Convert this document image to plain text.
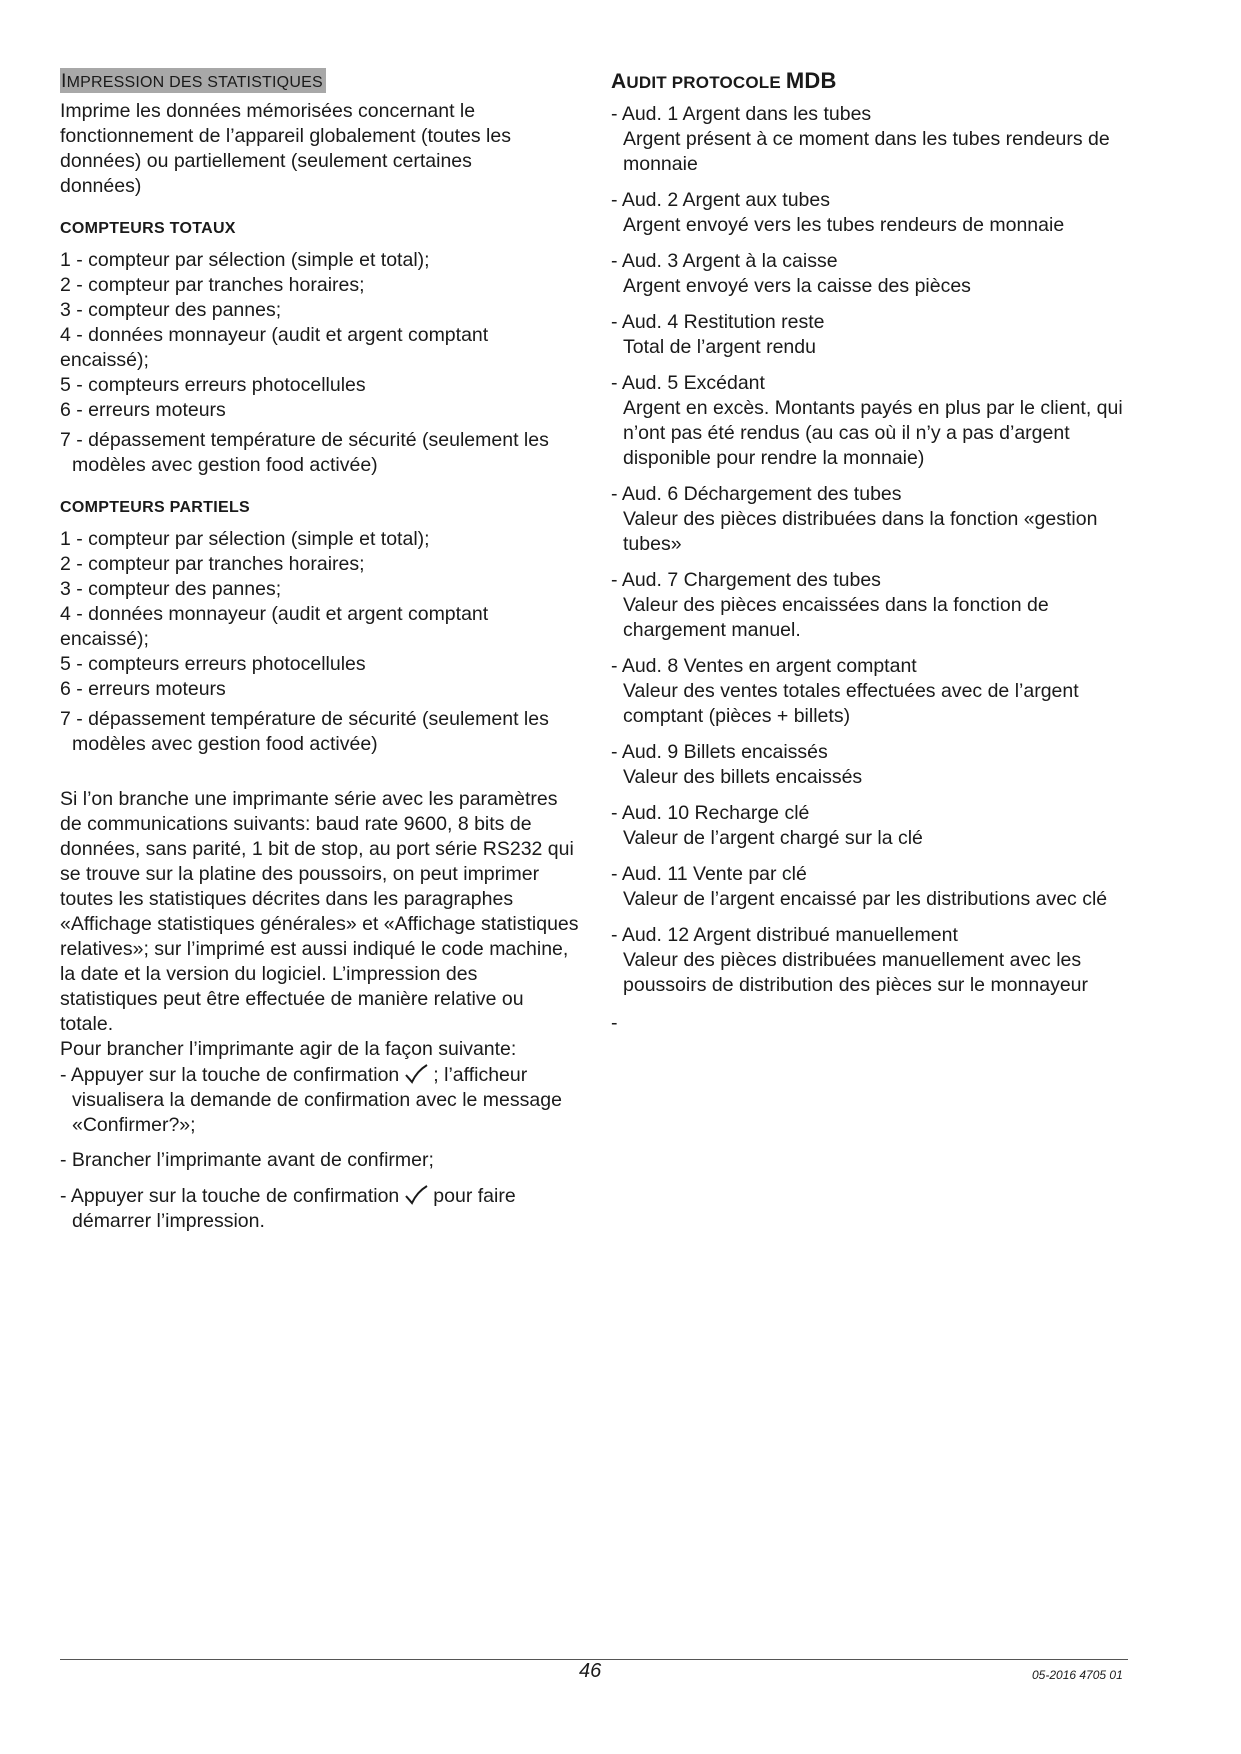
IMPRESSION DES STATISTIQUES

Imprime les données mémorisées concernant le fonctionnement de l’appareil globalement (toutes les données) ou partiellement (seulement certaines données)

COMPTEURS TOTAUX
1 - compteur par sélection (simple et total);
2 - compteur par tranches horaires;
3 - compteur des pannes;
4 - données monnayeur (audit et argent comptant encaissé);
5 - compteurs erreurs photocellules
6 - erreurs moteurs
7 - dépassement température de sécurité (seulement les modèles avec gestion food activée)
COMPTEURS PARTIELS
1 - compteur par sélection (simple et total);
2 - compteur par tranches horaires;
3 - compteur des pannes;
4 - données monnayeur (audit et argent comptant encaissé);
5 - compteurs erreurs photocellules
6 - erreurs moteurs
7 - dépassement température de sécurité (seulement les modèles avec gestion food activée)

Si l’on branche une imprimante série avec les paramètres de communications suivants: baud rate 9600, 8 bits de données, sans parité, 1 bit de stop, au port série RS232 qui se trouve sur la platine des poussoirs, on peut imprimer toutes les statistiques décrites dans les paragraphes «Affichage statistiques générales» et «Affichage statistiques relatives»; sur l’imprimé est aussi indiqué le code machine, la date et la version du logiciel. L’impression des statistiques peut être effectuée de manière relative ou totale.

Pour brancher l’imprimante agir de la façon suivante:

- Appuyer sur la touche de confirmation ; l’afficheur visualisera la demande de confirmation avec le message «Confirmer?»;
- Brancher l’imprimante avant de confirmer;
- Appuyer sur la touche de confirmation pour faire démarrer l’impression.
AUDIT PROTOCOLE MDB
- Aud. 1 Argent dans les tubes
Argent présent à ce moment dans les tubes rendeurs de monnaie
- Aud. 2 Argent aux tubes
Argent envoyé vers les tubes rendeurs de monnaie
- Aud. 3 Argent à la caisse
Argent envoyé vers la caisse des pièces
- Aud. 4 Restitution reste
Total de l’argent rendu
- Aud. 5 Excédant
Argent en excès. Montants payés en plus par le client, qui n’ont pas été rendus (au cas où il n’y a pas d’argent disponible pour rendre la monnaie)
- Aud. 6 Déchargement des tubes
Valeur des pièces distribuées dans la fonction «gestion tubes»
- Aud. 7 Chargement des tubes
Valeur des pièces encaissées dans la fonction de chargement manuel.
- Aud. 8 Ventes en argent comptant
Valeur des ventes totales effectuées avec de l’argent comptant (pièces + billets)
- Aud. 9 Billets encaissés
Valeur des billets encaissés
- Aud. 10 Recharge clé
Valeur de l’argent chargé sur la clé
- Aud. 11 Vente par clé
Valeur de l’argent encaissé par les distributions avec clé
- Aud. 12 Argent distribué manuellement
Valeur des pièces distribuées manuellement avec les poussoirs de distribution des pièces sur le monnayeur
-
46	05-2016 4705 01
